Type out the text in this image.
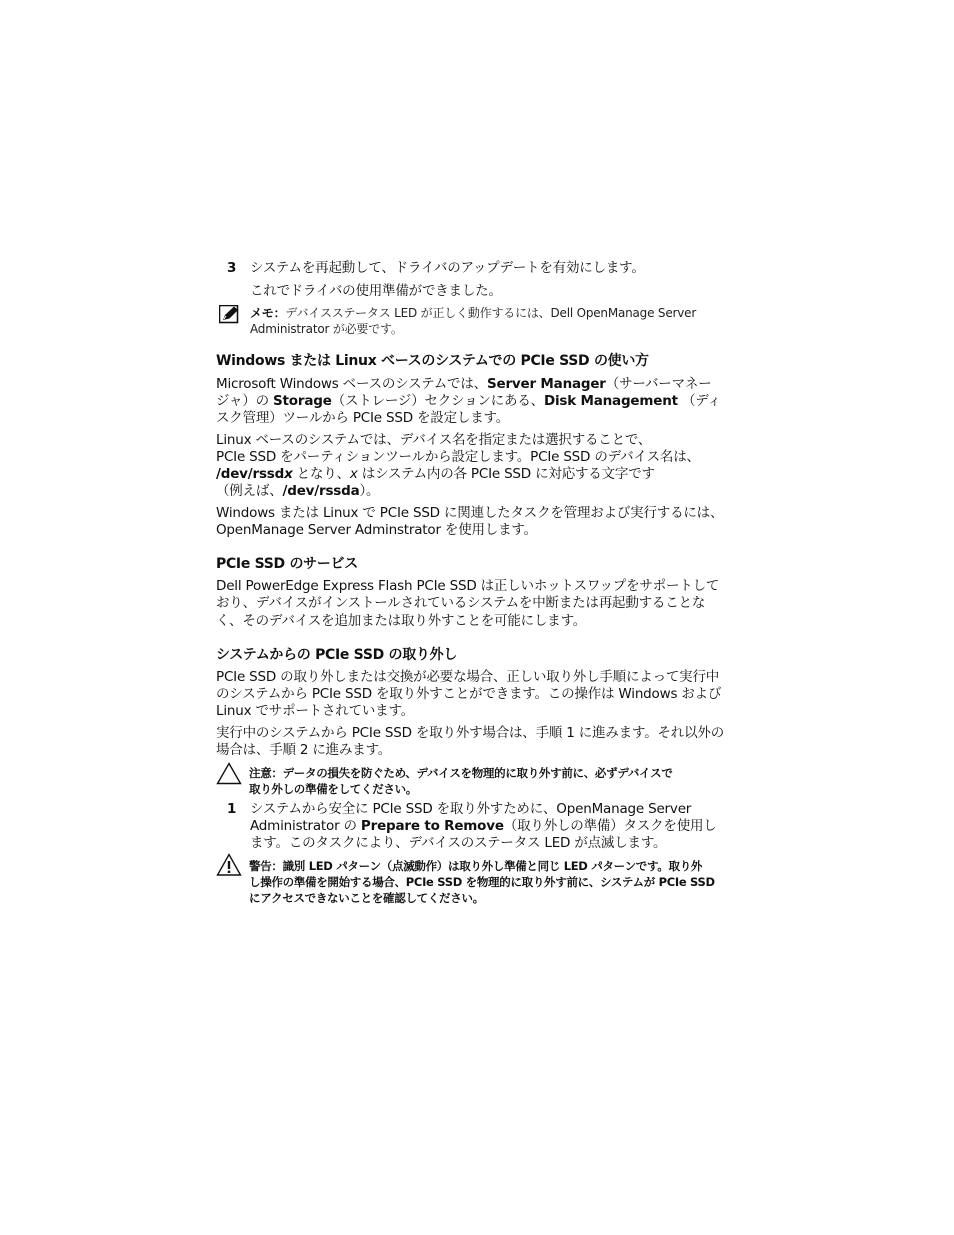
3 システムを再起動して、ドライバのアップデートを有効にします。
これでドライバの使用準備ができました。
メモ：デバイスステータス LED が正しく動作するには、Dell OpenManage Server
Administrator が必要です。
Windows または Linux ベースのシステムでの PCIe SSD の使い方
Microsoft Windows ベースのシステムでは、Server Manager（サーバーマネー
ジャ）の Storage（ストレージ）セクションにある、Disk Management （ディ
スク管理）ツールから PCIe SSD を設定します。
Linux ベースのシステムでは、デバイス名を指定または選択することで、
PCIe SSD をパーティションツールから設定します。PCIe SSD のデバイス名は、
/dev/rssdx となり、x はシステム内の各 PCIe SSD に対応する文字です
（例えば、/dev/rssda）。
Windows または Linux で PCIe SSD に関連したタスクを管理および実行するには、
OpenManage Server Adminstrator を使用します。
PCIe SSD のサービス
Dell PowerEdge Express Flash PCIe SSD は正しいホットスワップをサポートして
おり、デバイスがインストールされているシステムを中断または再起動することな
く、そのデバイスを追加または取り外すことを可能にします。
システムからの PCIe SSD の取り外し
PCIe SSD の取り外しまたは交換が必要な場合、正しい取り外し手順によって実行中
のシステムから PCIe SSD を取り外すことができます。この操作は Windows および
Linux でサポートされています。
実行中のシステムから PCIe SSD を取り外す場合は、手順 1 に進みます。それ以外の
場合は、手順 2 に進みます。
注意：データの損失を防ぐため、デバイスを物理的に取り外す前に、必ずデバイスで
取り外しの準備をしてください。
1 システムから安全に PCIe SSD を取り外すために、OpenManage Server
Administrator の Prepare to Remove（取り外しの準備）タスクを使用し
ます。このタスクにより、デバイスのステータス LED が点滅します。
警告：識別 LED パターン（点滅動作）は取り外し準備と同じ LED パターンです。取り外
し操作の準備を開始する場合、PCIe SSD を物理的に取り外す前に、システムが PCIe SSD
にアクセスできないことを確認してください。
